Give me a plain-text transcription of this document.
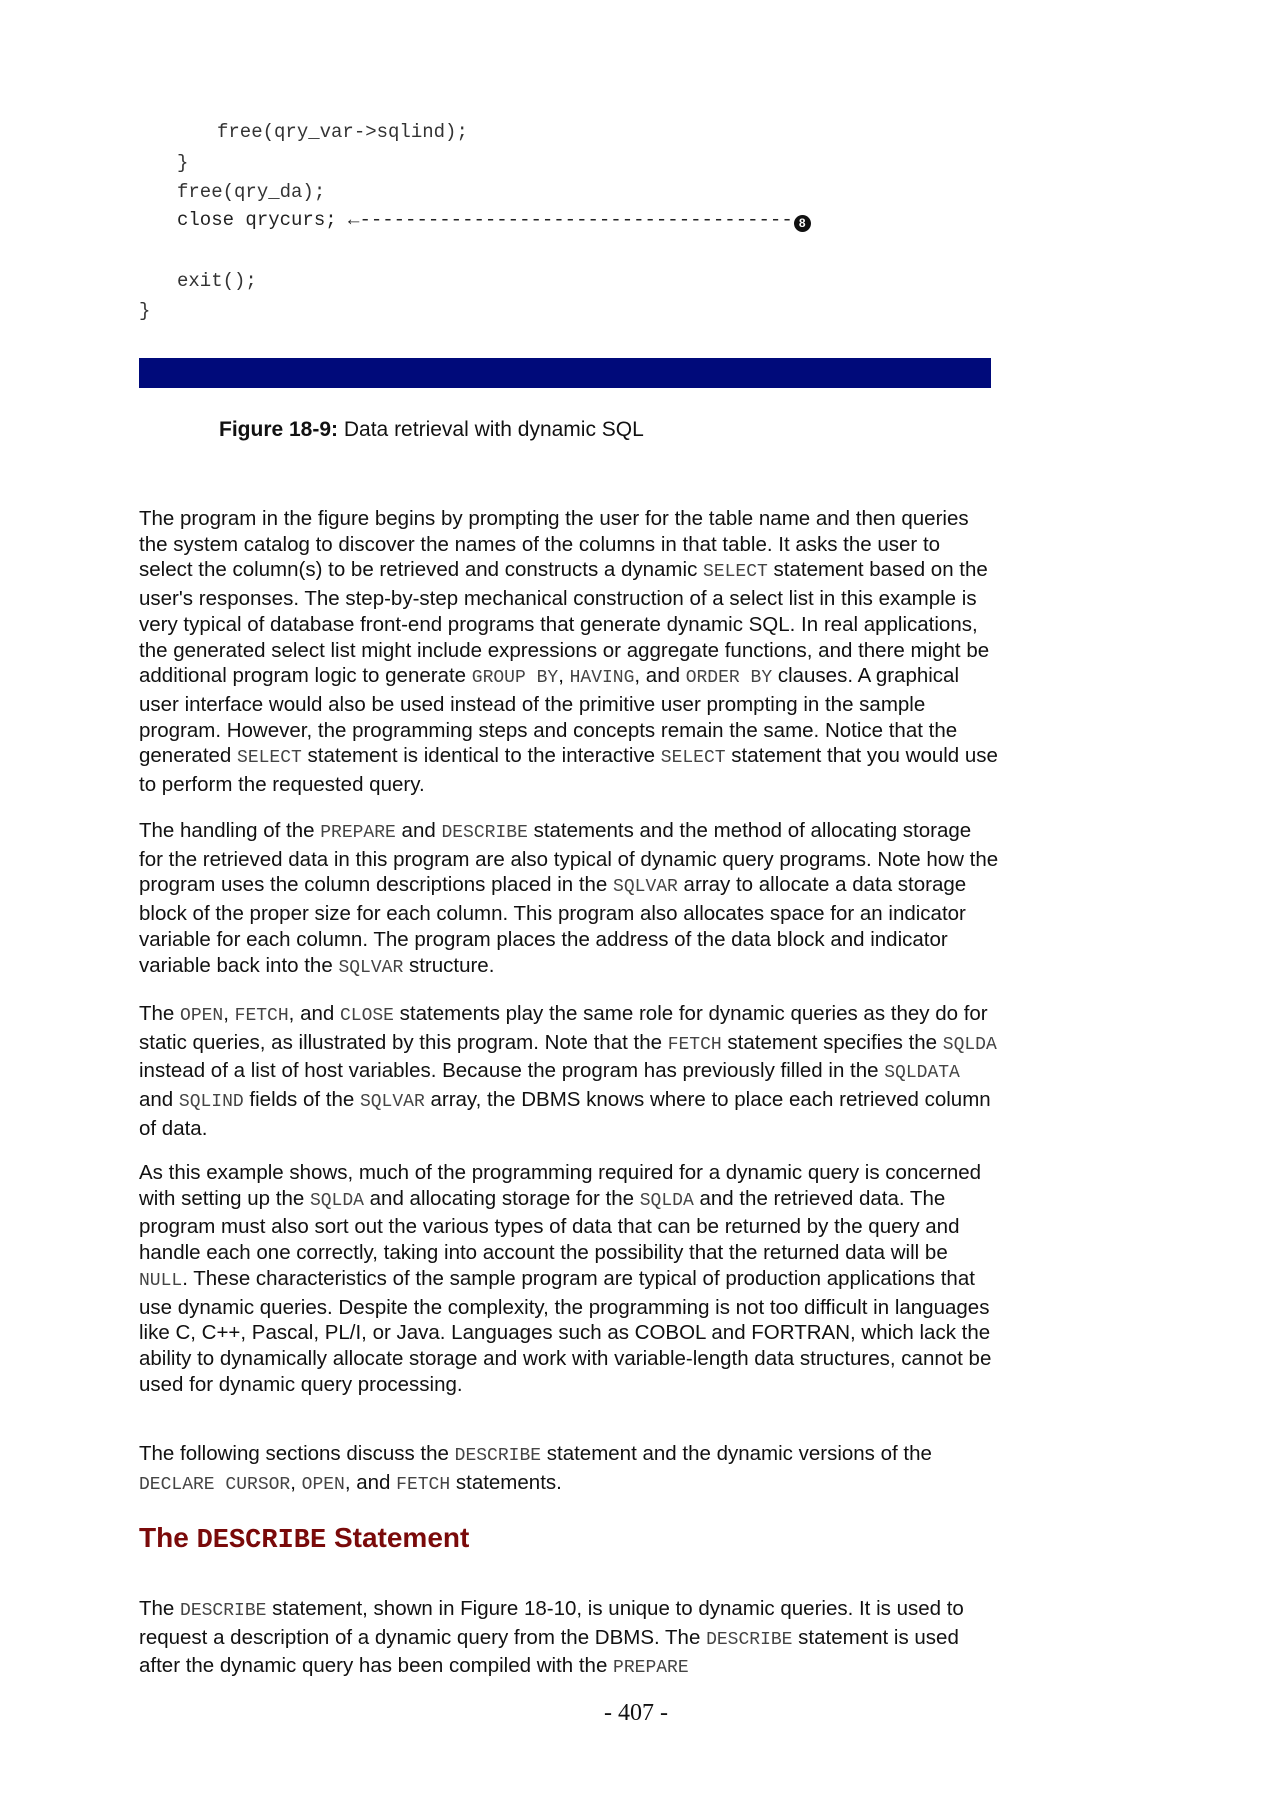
free(qry_var->sqlind);
}
free(qry_da);
close qrycurs; ←-------------------------------------- 8
exit();
}
Figure 18-9: Data retrieval with dynamic SQL

The program in the figure begins by prompting the user for the table name and then queries the system catalog to discover the names of the columns in that table. It asks the user to select the column(s) to be retrieved and constructs a dynamic SELECT statement based on the user's responses. The step-by-step mechanical construction of a select list in this example is very typical of database front-end programs that generate dynamic SQL. In real applications, the generated select list might include expressions or aggregate functions, and there might be additional program logic to generate GROUP BY, HAVING, and ORDER BY clauses. A graphical user interface would also be used instead of the primitive user prompting in the sample program. However, the programming steps and concepts remain the same. Notice that the generated SELECT statement is identical to the interactive SELECT statement that you would use to perform the requested query.

The handling of the PREPARE and DESCRIBE statements and the method of allocating storage for the retrieved data in this program are also typical of dynamic query programs. Note how the program uses the column descriptions placed in the SQLVAR array to allocate a data storage block of the proper size for each column. This program also allocates space for an indicator variable for each column. The program places the address of the data block and indicator variable back into the SQLVAR structure.

The OPEN, FETCH, and CLOSE statements play the same role for dynamic queries as they do for static queries, as illustrated by this program. Note that the FETCH statement specifies the SQLDA instead of a list of host variables. Because the program has previously filled in the SQLDATA and SQLIND fields of the SQLVAR array, the DBMS knows where to place each retrieved column of data.

As this example shows, much of the programming required for a dynamic query is concerned with setting up the SQLDA and allocating storage for the SQLDA and the retrieved data. The program must also sort out the various types of data that can be returned by the query and handle each one correctly, taking into account the possibility that the returned data will be NULL. These characteristics of the sample program are typical of production applications that use dynamic queries. Despite the complexity, the programming is not too difficult in languages like C, C++, Pascal, PL/I, or Java. Languages such as COBOL and FORTRAN, which lack the ability to dynamically allocate storage and work with variable-length data structures, cannot be used for dynamic query processing.

The following sections discuss the DESCRIBE statement and the dynamic versions of the DECLARE CURSOR, OPEN, and FETCH statements.

The DESCRIBE Statement

The DESCRIBE statement, shown in Figure 18-10, is unique to dynamic queries. It is used to request a description of a dynamic query from the DBMS. The DESCRIBE statement is used after the dynamic query has been compiled with the PREPARE

- 407 -
